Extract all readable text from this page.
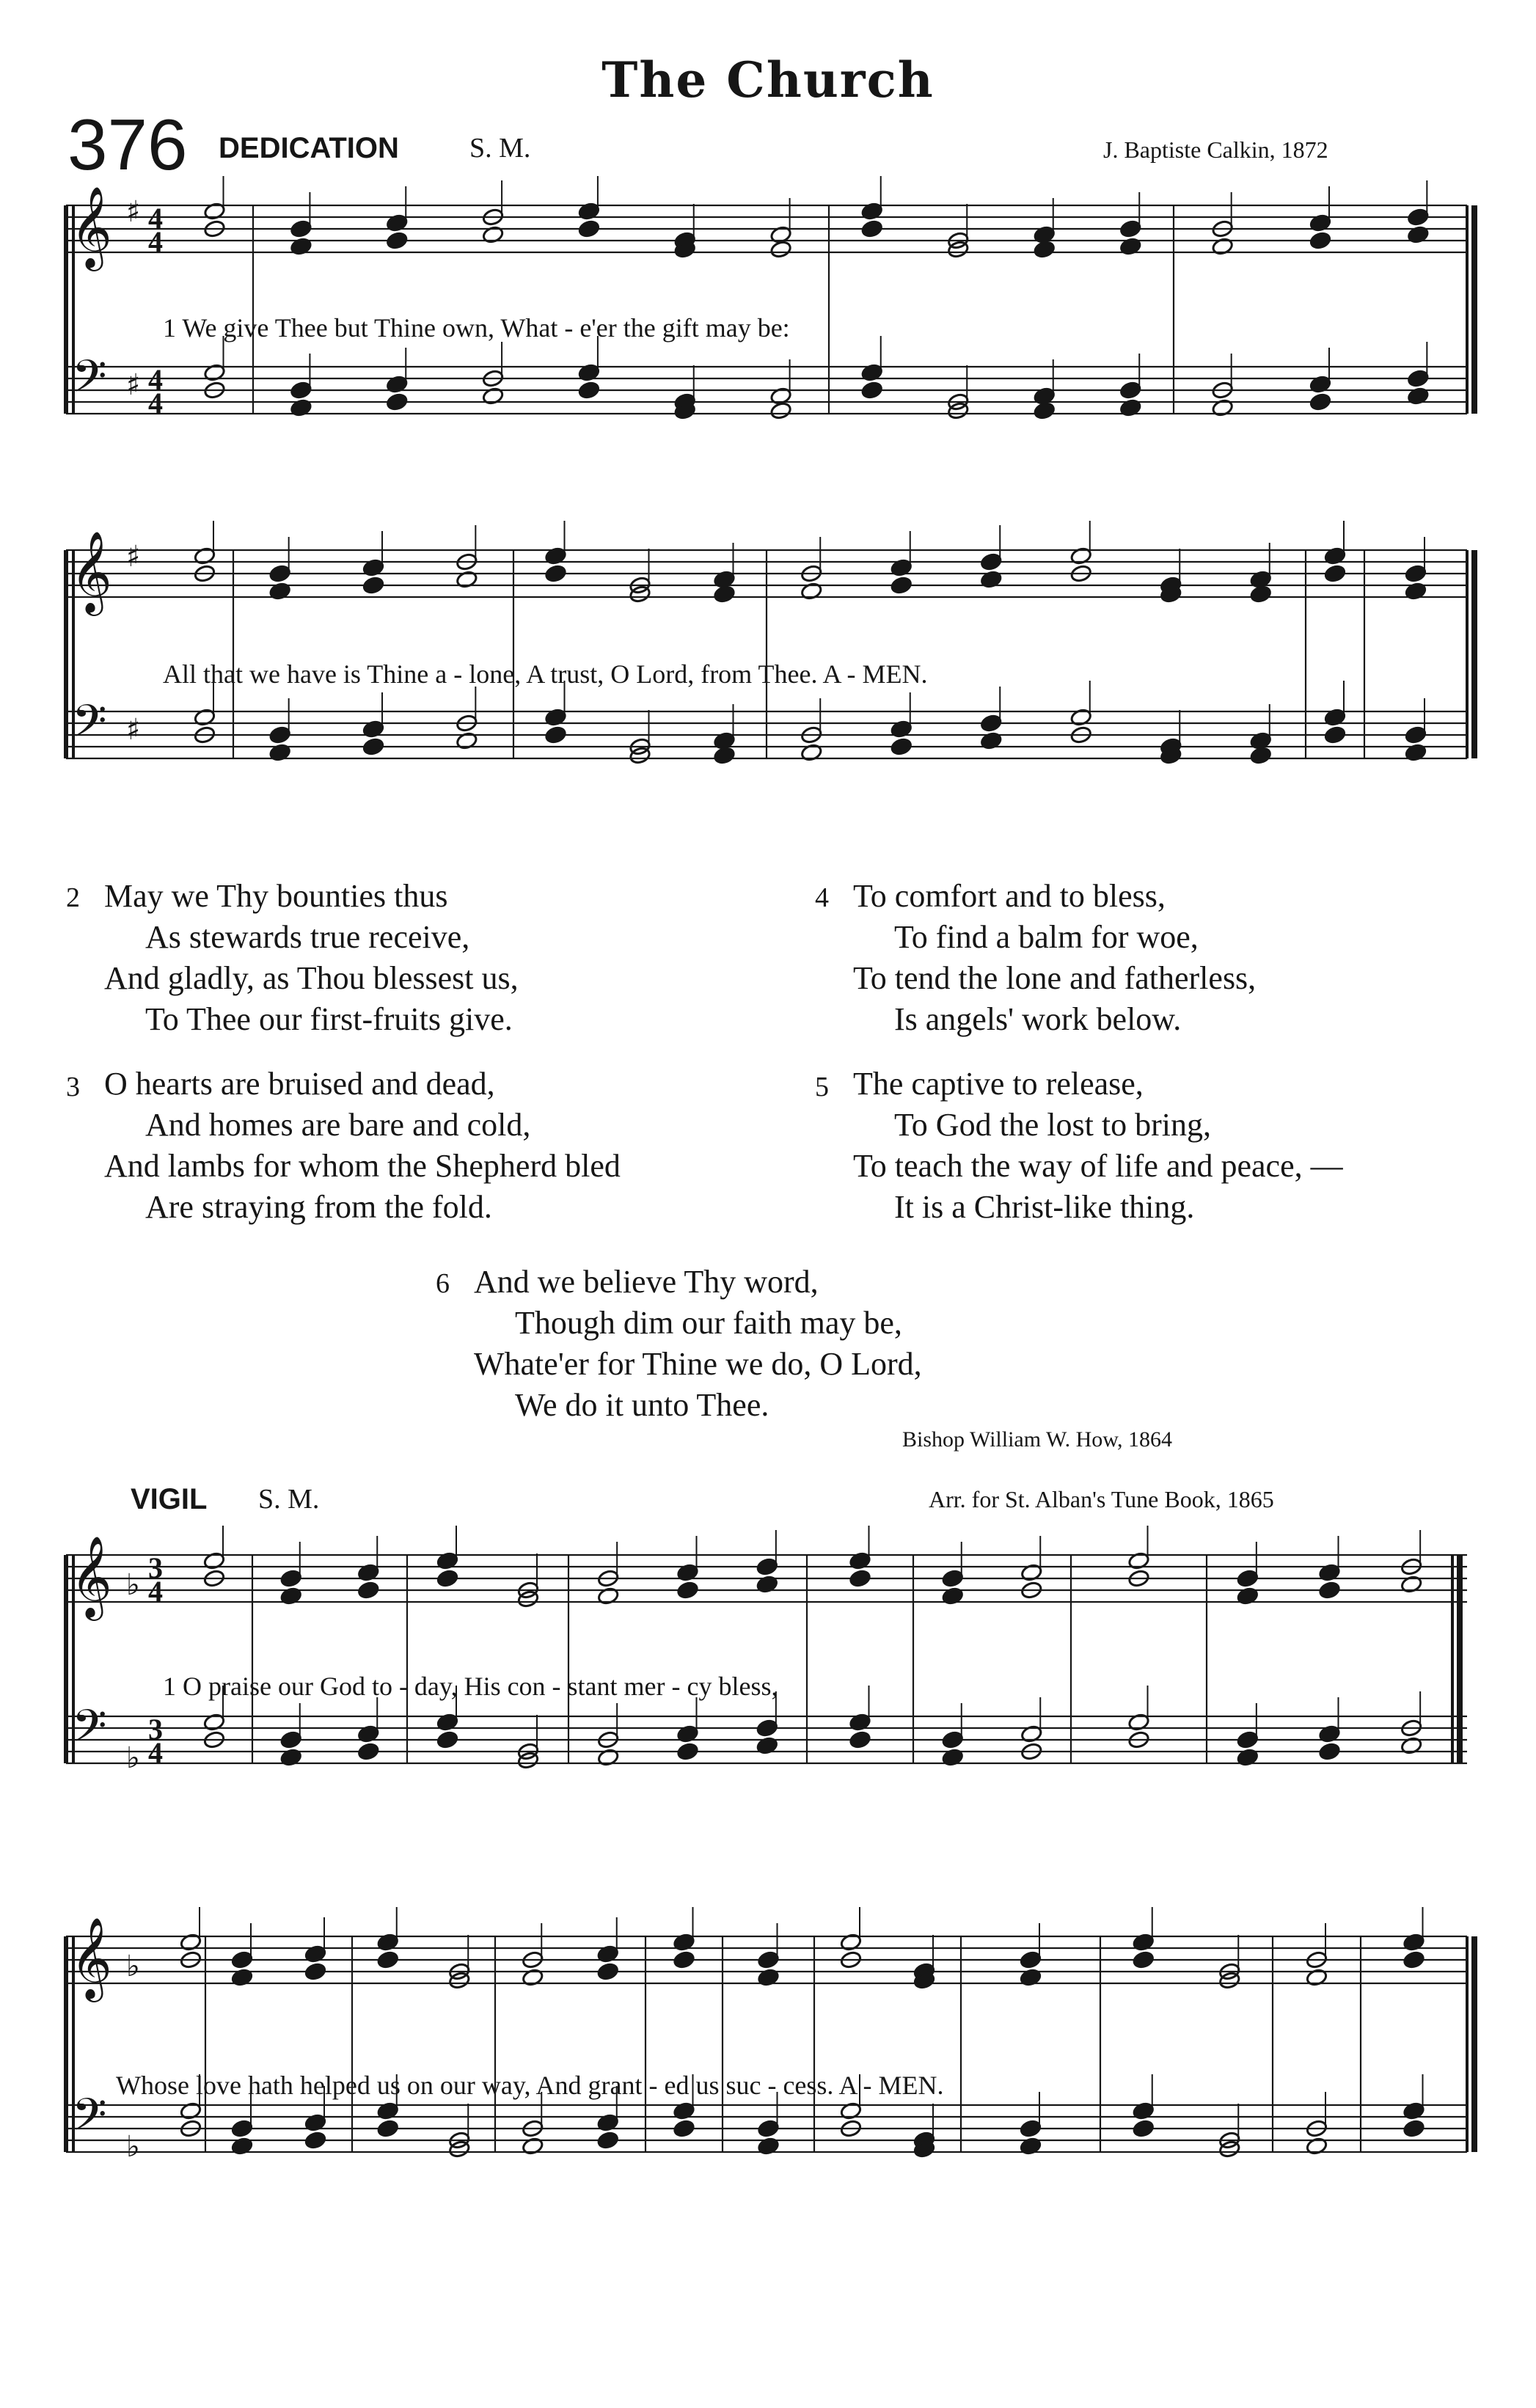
The Church
376 DEDICATION	S. M.	J. Baptiste Calkin, 1872
𝄞 ♯ 4
4
𝄢 ♯ 4
4
1 We give Thee but Thine own, What - e'er the gift may be:
𝄞 ♯
𝄢 ♯
All that we have is Thine a - lone, A trust, O Lord, from Thee. A - MEN.
2 May we Thy bounties thus
As stewards true receive,
And gladly, as Thou blessest us,
To Thee our first-fruits give.
3 O hearts are bruised and dead,
And homes are bare and cold,
And lambs for whom the Shepherd bled
Are straying from the fold.
4 To comfort and to bless,
To find a balm for woe,
To tend the lone and fatherless,
Is angels' work below.
5 The captive to release,
To God the lost to bring,
To teach the way of life and peace, —
It is a Christ-like thing.
6 And we believe Thy word,
Though dim our faith may be,
Whate'er for Thine we do, O Lord,
We do it unto Thee.
Bishop William W. How, 1864
VIGIL S. M.	Arr. for St. Alban's Tune Book, 1865
𝄞 ♭
3
4
𝄢 ♭
3
4
1 O praise our God to - day, His con - stant mer - cy bless,
𝄞 ♭
𝄢 ♭
Whose love hath helped us on our way, And grant - ed us suc - cess. A - MEN.
